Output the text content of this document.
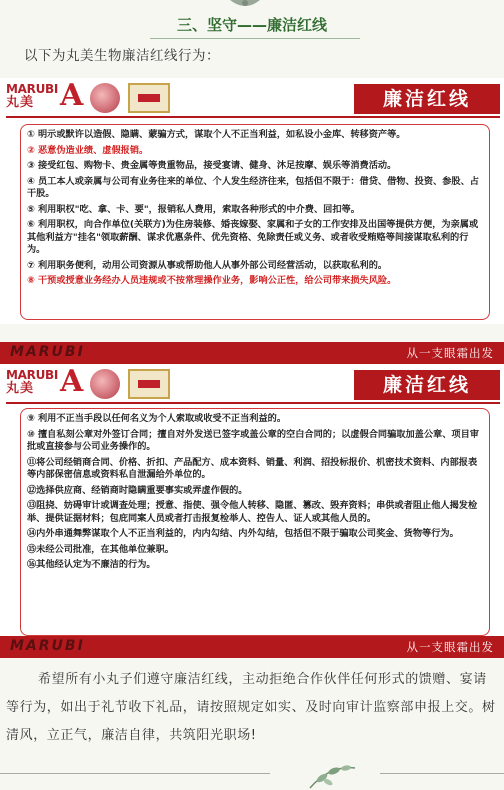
三、坚守——廉洁红线
以下为丸美生物廉洁红线行为：
MARUBI
丸美 A	廉洁红线
① 明示或默许以造假、隐瞒、蒙骗方式，谋取个人不正当利益，如私设小金库、转移资产等。
② 恶意伪造业绩、虚假报销。
③ 接受红包、购物卡、贵金属等贵重物品，接受宴请、健身、沐足按摩、娱乐等消费活动。
④ 员工本人或亲属与公司有业务往来的单位、个人发生经济往来，包括但不限于：借贷、借物、投资、参股、占干股。
⑤ 利用职权"吃、拿、卡、要"，报销私人费用，索取各种形式的中介费、回扣等。
⑥ 利用职权，向合作单位(关联方)为住房装修、婚丧嫁娶、家属和子女的工作安排及出国等提供方便，为亲属或其他利益方"挂名"领取薪酬、谋求优惠条件、优先资格、免除责任或义务、或者收受贿赂等间接谋取私利的行为。
⑦ 利用职务便利，动用公司资源从事或帮助他人从事外部公司经营活动，以获取私利的。
⑧ 干预或授意业务经办人员违规或不按常理操作业务，影响公正性，给公司带来损失风险。
MARUBI	从一支眼霜出发
MARUBI
丸美 A	廉洁红线
⑨ 利用不正当手段以任何名义为个人索取或收受不正当利益的。
⑩ 擅自私刻公章对外签订合同；擅自对外发送已签字或盖公章的空白合同的；以虚假合同骗取加盖公章、项目审批或直接参与公司业务操作的。
⑪将公司经销商合同、价格、折扣、产品配方、成本资料、销量、利润、招投标报价、机密技术资料、内部报表等内部保密信息或资料私自泄漏给外单位的。
⑫选择供应商、经销商时隐瞒重要事实或弄虚作假的。
⑬阻挠、妨碍审计或调查处理；授意、指使、强令他人转移、隐匿、篡改、毁弃资料；串供或者阻止他人揭发检举、提供证据材料；包庇同案人员或者打击报复检举人、控告人、证人或其他人员的。
⑭内外串通舞弊谋取个人不正当利益的，内内勾结、内外勾结，包括但不限于骗取公司奖金、货物等行为。
⑮未经公司批准，在其他单位兼职。
⑯其他经认定为不廉洁的行为。
MARUBI	从一支眼霜出发

希望所有小丸子们遵守廉洁红线，主动拒绝合作伙伴任何形式的馈赠、宴请等行为，如出于礼节收下礼品，请按照规定如实、及时向审计监察部申报上交。树清风，立正气，廉洁自律，共筑阳光职场!
